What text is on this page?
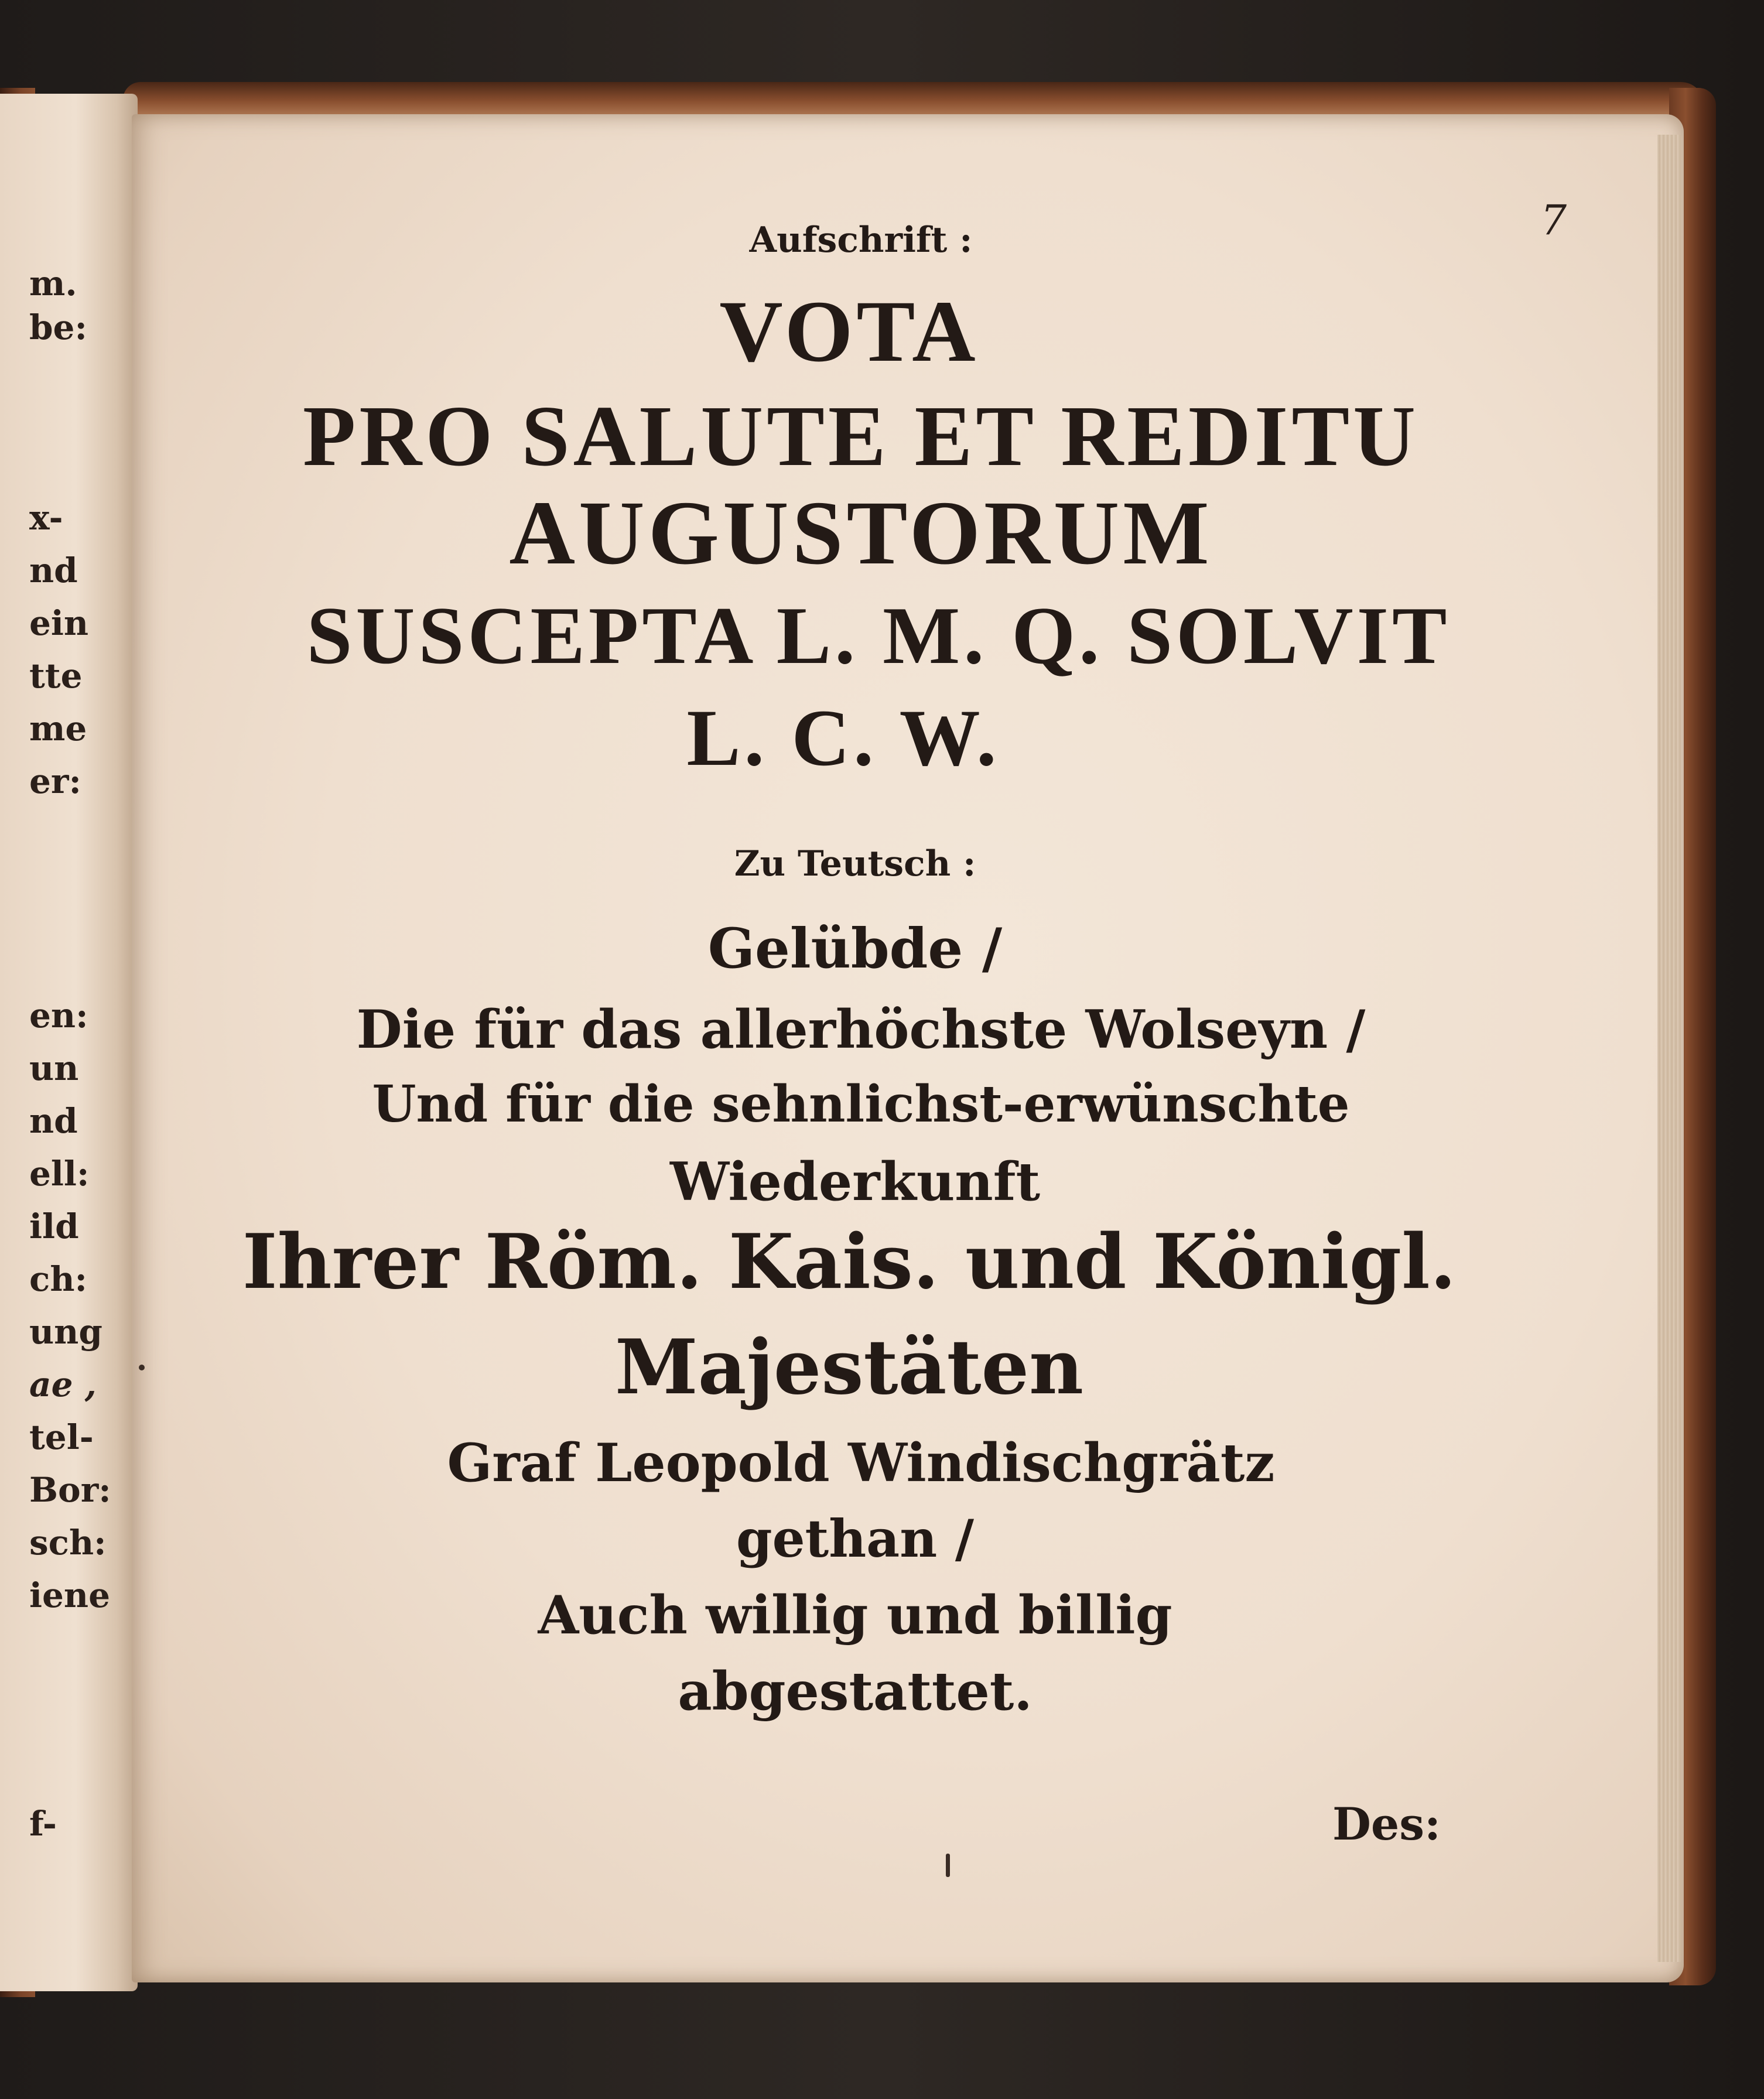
m.
be:
x-
nd
ein
tte
me
er:
en:
un
nd
ell:
ild
ch:
ung
ae ,
tel-
Bor:
sch:
iene
f-
7
Aufschrift :
VOTA
PRO SALUTE ET REDITU
AUGUSTORUM
SUSCEPTA L. M. Q. SOLVIT
L. C. W.
Zu Teutsch :
Gelübde /
Die für das allerhöchste Wolseyn /
Und für die sehnlichst-erwünschte
Wiederkunft
Ihrer Röm. Kais. und Königl.
Majestäten
Graf Leopold Windischgrätz
gethan /
Auch willig und billig
abgestattet.
Des:
